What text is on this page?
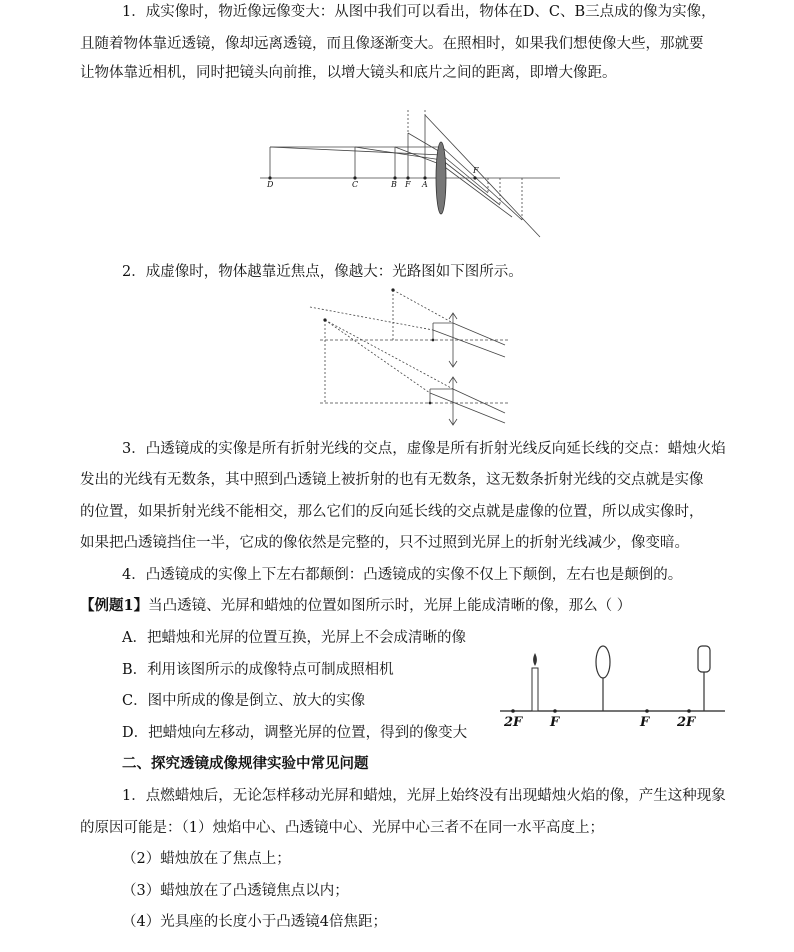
1．成实像时，物近像远像变大：从图中我们可以看出，物体在D、C、B三点成的像为实像，
且随着物体靠近透镜，像却远离透镜，而且像逐渐变大。在照相时，如果我们想使像大些，那就要
让物体靠近相机，同时把镜头向前推，以增大镜头和底片之间的距离，即增大像距。
D	C	B F A
F
2．成虚像时，物体越靠近焦点，像越大：光路图如下图所示。
3．凸透镜成的实像是所有折射光线的交点，虚像是所有折射光线反向延长线的交点：蜡烛火焰
发出的光线有无数条，其中照到凸透镜上被折射的也有无数条，这无数条折射光线的交点就是实像
的位置，如果折射光线不能相交，那么它们的反向延长线的交点就是虚像的位置，所以成实像时，
如果把凸透镜挡住一半，它成的像依然是完整的，只不过照到光屏上的折射光线减少，像变暗。
4．凸透镜成的实像上下左右都颠倒：凸透镜成的实像不仅上下颠倒，左右也是颠倒的。
【例题1】当凸透镜、光屏和蜡烛的位置如图所示时，光屏上能成清晰的像，那么（ ）
A．把蜡烛和光屏的位置互换，光屏上不会成清晰的像
B．利用该图所示的成像特点可制成照相机
C．图中所成的像是倒立、放大的实像
D．把蜡烛向左移动，调整光屏的位置，得到的像变大
2F F	F 2F
二、探究透镜成像规律实验中常见问题
1．点燃蜡烛后，无论怎样移动光屏和蜡烛，光屏上始终没有出现蜡烛火焰的像，产生这种现象
的原因可能是：（1）烛焰中心、凸透镜中心、光屏中心三者不在同一水平高度上；
（2）蜡烛放在了焦点上；
（3）蜡烛放在了凸透镜焦点以内；
（4）光具座的长度小于凸透镜4倍焦距；
